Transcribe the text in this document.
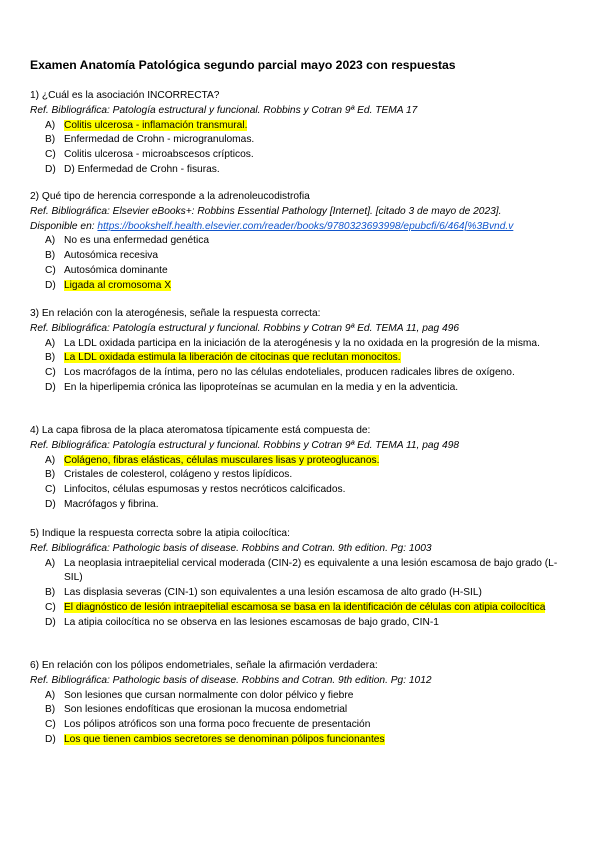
Examen Anatomía Patológica segundo parcial mayo 2023 con respuestas
1) ¿Cuál es la asociación INCORRECTA?
Ref. Bibliográfica: Patología estructural y funcional. Robbins y Cotran 9ª Ed. TEMA 17
A) Colitis ulcerosa - inflamación transmural.
B) Enfermedad de Crohn - microgranulomas.
C) Colitis ulcerosa - microabscesos crípticos.
D) D) Enfermedad de Crohn - fisuras.
2) Qué tipo de herencia corresponde a la adrenoleucodistrofia
Ref. Bibliográfica: Elsevier eBooks+: Robbins Essential Pathology [Internet]. [citado 3 de mayo de 2023].
Disponible en: https://bookshelf.health.elsevier.com/reader/books/9780323693998/epubcfi/6/464[%3Bvnd.v
A) No es una enfermedad genética
B) Autosómica recesiva
C) Autosómica dominante
D) Ligada al cromosoma X
3) En relación con la aterogénesis, señale la respuesta correcta:
Ref. Bibliográfica: Patología estructural y funcional. Robbins y Cotran 9ª Ed. TEMA 11, pag 496
A) La LDL oxidada participa en la iniciación de la aterogénesis y la no oxidada en la progresión de la misma.
B) La LDL oxidada estimula la liberación de citocinas que reclutan monocitos.
C) Los macrófagos de la íntima, pero no las células endoteliales, producen radicales libres de oxígeno.
D) En la hiperlipemia crónica las lipoproteínas se acumulan en la media y en la adventicia.
4) La capa fibrosa de la placa ateromatosa típicamente está compuesta de:
Ref. Bibliográfica: Patología estructural y funcional. Robbins y Cotran 9ª Ed. TEMA 11, pag 498
A) Colágeno, fibras elásticas, células musculares lisas y proteoglucanos.
B) Cristales de colesterol, colágeno y restos lipídicos.
C) Linfocitos, células espumosas y restos necróticos calcificados.
D) Macrófagos y fibrina.
5) Indique la respuesta correcta sobre la atipia coilocítica:
Ref. Bibliográfica: Pathologic basis of disease. Robbins and Cotran. 9th edition. Pg: 1003
A) La neoplasia intraepitelial cervical moderada (CIN-2) es equivalente a una lesión escamosa de bajo grado (L-SIL)
B) Las displasia severas (CIN-1) son equivalentes a una lesión escamosa de alto grado (H-SIL)
C) El diagnóstico de lesión intraepitelial escamosa se basa en la identificación de células con atipia coilocítica
D) La atipia coilocítica no se observa en las lesiones escamosas de bajo grado, CIN-1
6) En relación con los pólipos endometriales, señale la afirmación verdadera:
Ref. Bibliográfica: Pathologic basis of disease. Robbins and Cotran. 9th edition. Pg: 1012
A) Son lesiones que cursan normalmente con dolor pélvico y fiebre
B) Son lesiones endofíticas que erosionan la mucosa endometrial
C) Los pólipos atróficos son una forma poco frecuente de presentación
D) Los que tienen cambios secretores se denominan pólipos funcionantes
